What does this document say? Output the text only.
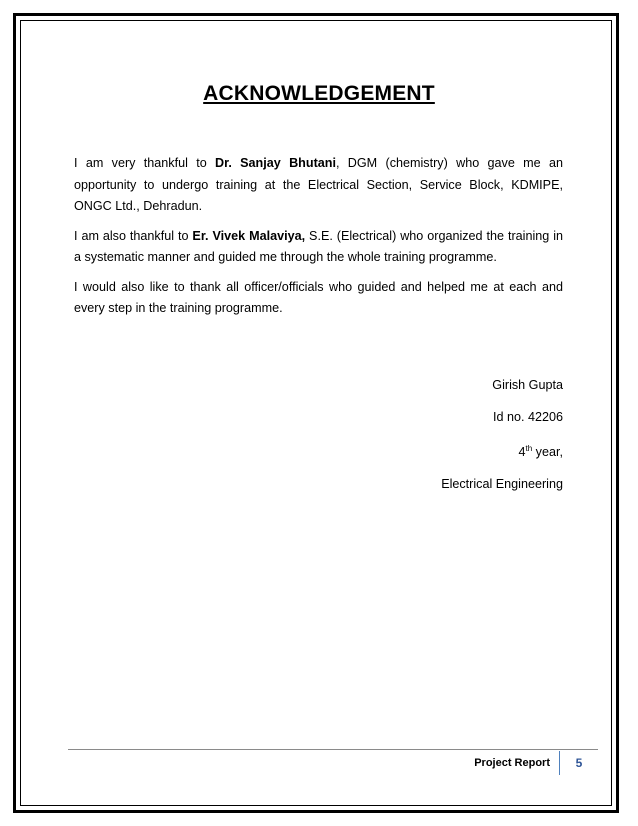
ACKNOWLEDGEMENT

I am very thankful to Dr. Sanjay Bhutani, DGM (chemistry) who gave me an opportunity to undergo training at the Electrical Section, Service Block, KDMIPE, ONGC Ltd., Dehradun.

I am also thankful to Er. Vivek Malaviya, S.E. (Electrical) who organized the training in a systematic manner and guided me through the whole training programme.

I would also like to thank all officer/officials who guided and helped me at each and every step in the training programme.

Girish Gupta
Id no. 42206
4th year,
Electrical Engineering
Project Report	5
